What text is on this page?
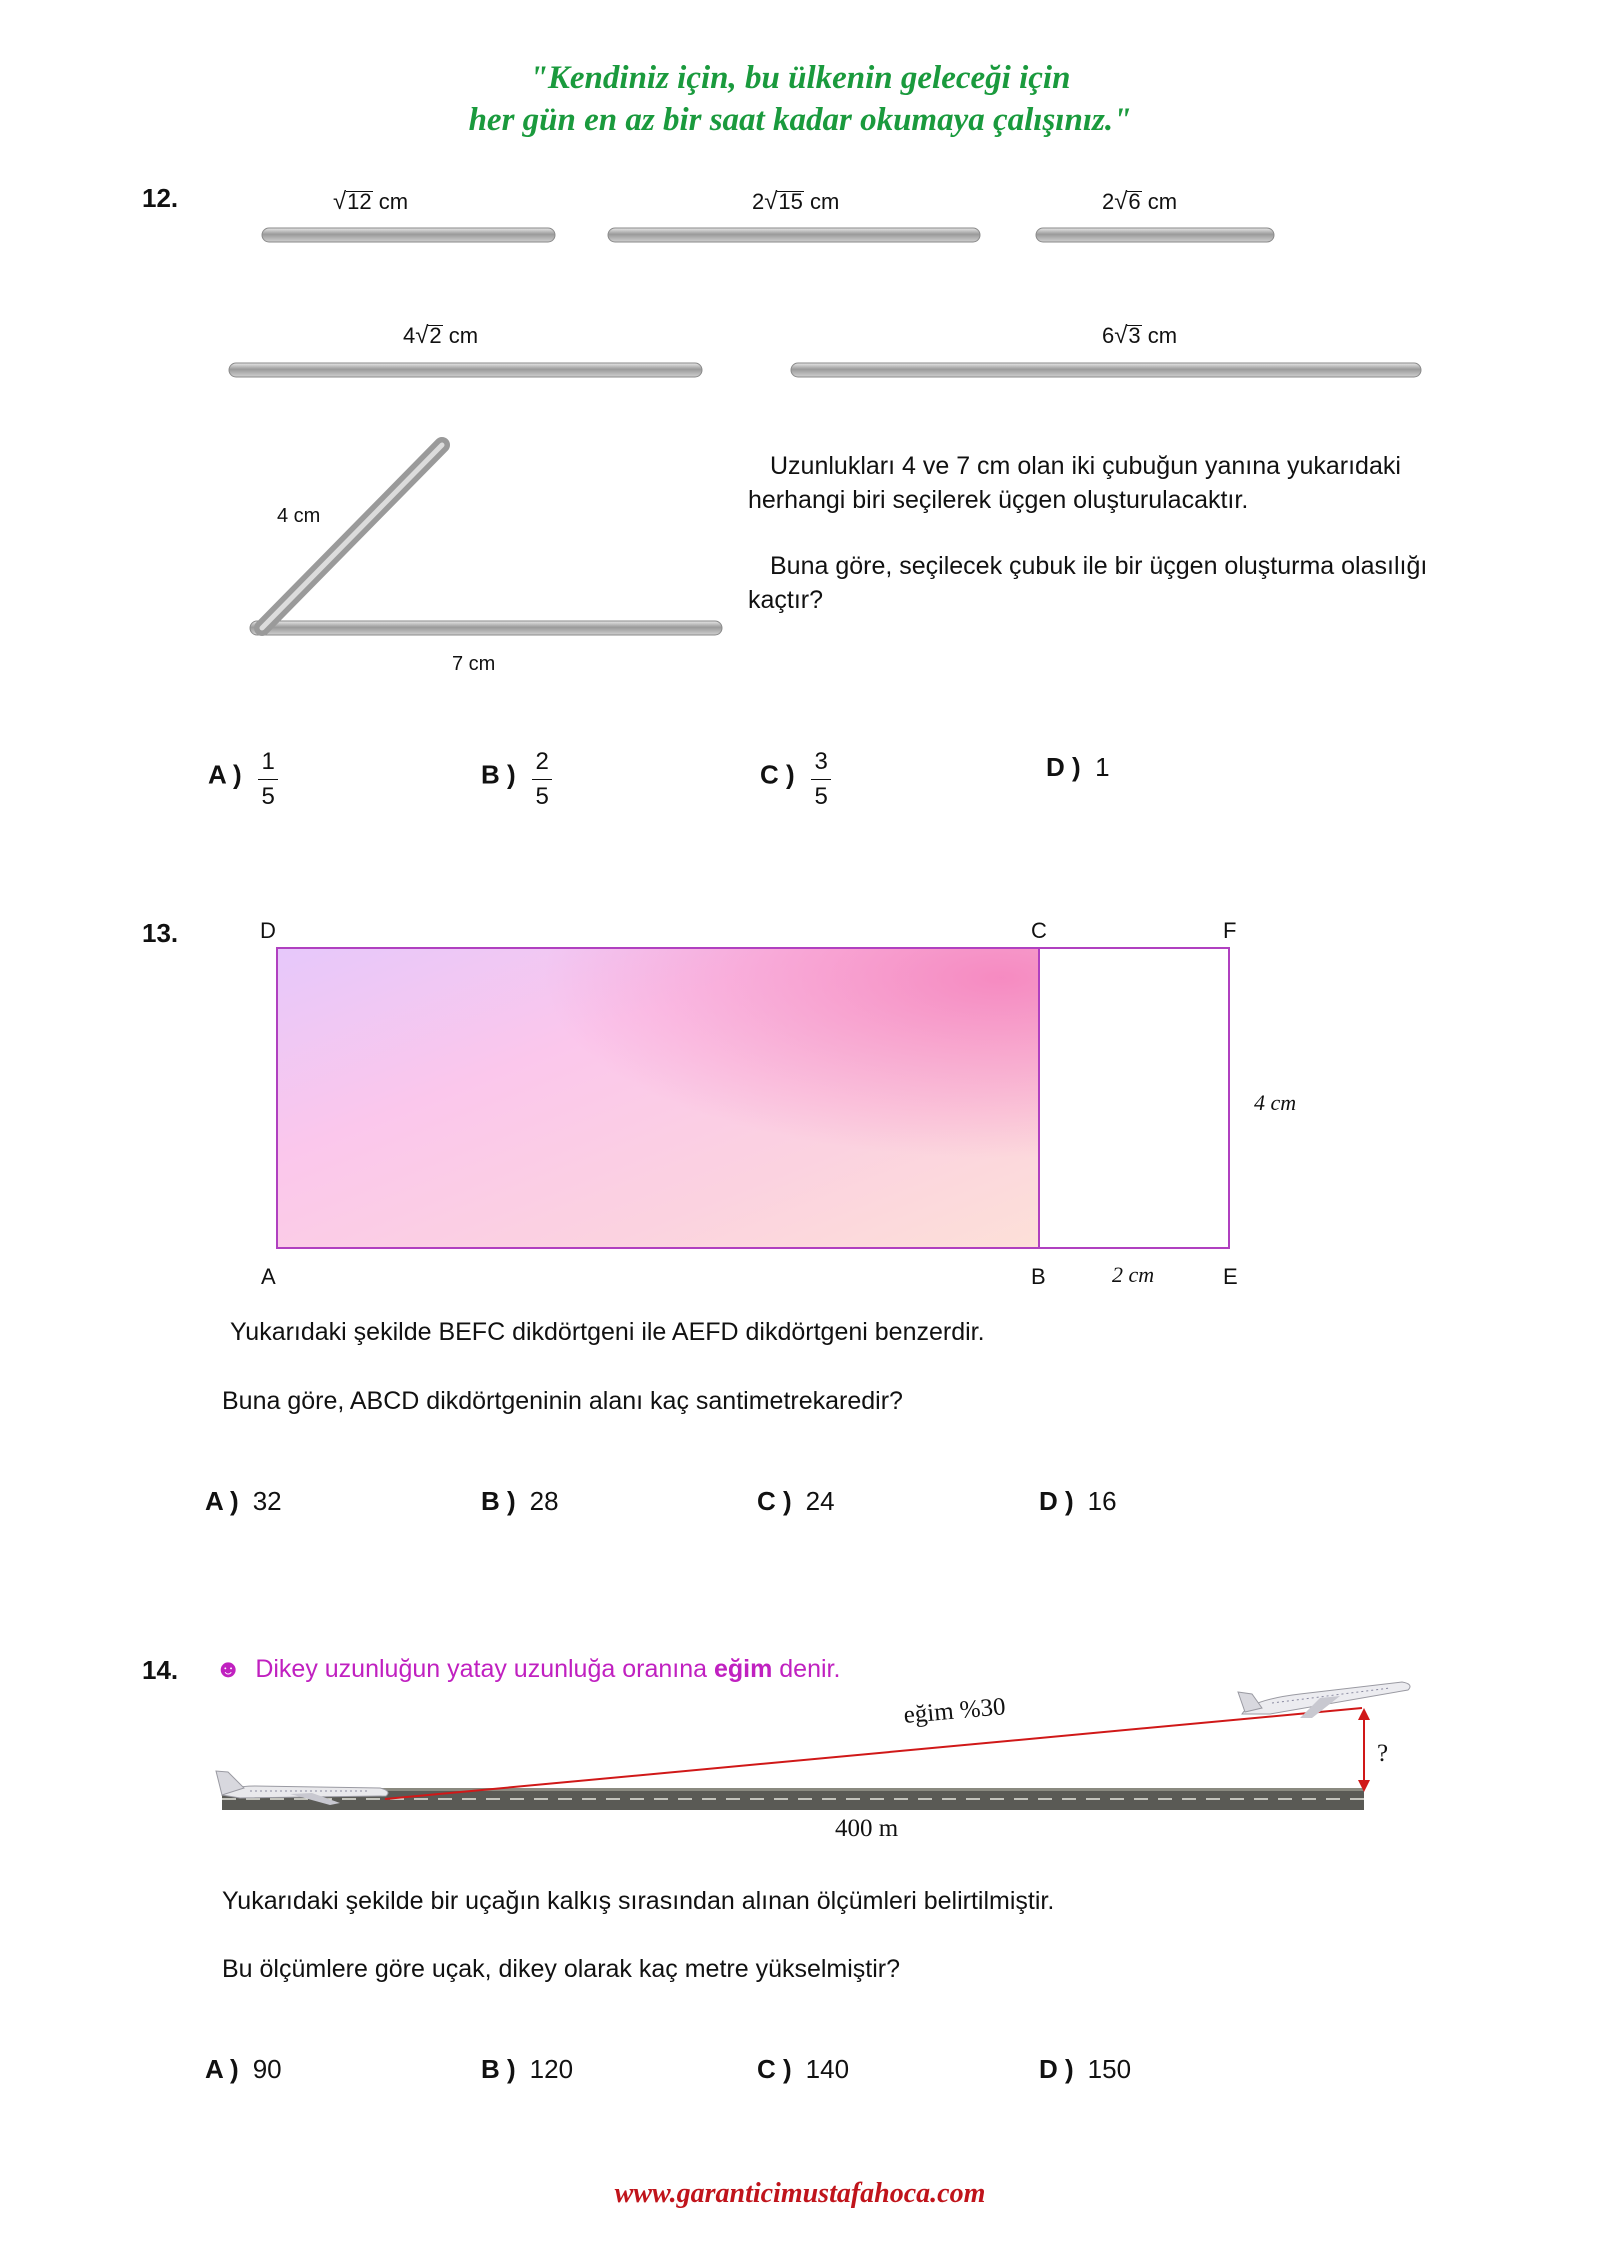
"Kendiniz için, bu ülkenin geleceği için
her gün en az bir saat kadar okumaya çalışınız."
12.	√12 cm	2√15 cm	2√6 cm
4√2 cm	6√3 cm
4 cm
7 cm
Uzunlukları 4 ve 7 cm olan iki çubuğun yanına yukarıdaki herhangi biri seçilerek üçgen oluşturulacaktır.
Buna göre, seçilecek çubuk ile bir üçgen oluşturma olasılığı kaçtır?
A ) $\frac{1}{5}$	B ) $\frac{2}{5}$	C ) $\frac{3}{5}$	D ) 1
13.	D	C	F
A	B	E
4 cm
2 cm
Yukarıdaki şekilde BEFC dikdörtgeni ile AEFD dikdörtgeni benzerdir.
Buna göre, ABCD dikdörtgeninin alanı kaç santimetrekaredir?
A ) 32	B ) 28	C ) 24	D ) 16
14. ☻ Dikey uzunluğun yatay uzunluğa oranına eğim denir.
eğim %30
?
400 m
Yukarıdaki şekilde bir uçağın kalkış sırasından alınan ölçümleri belirtilmiştir.
Bu ölçümlere göre uçak, dikey olarak kaç metre yükselmiştir?
A ) 90	B ) 120	C ) 140	D ) 150
www.garanticimustafahoca.com
